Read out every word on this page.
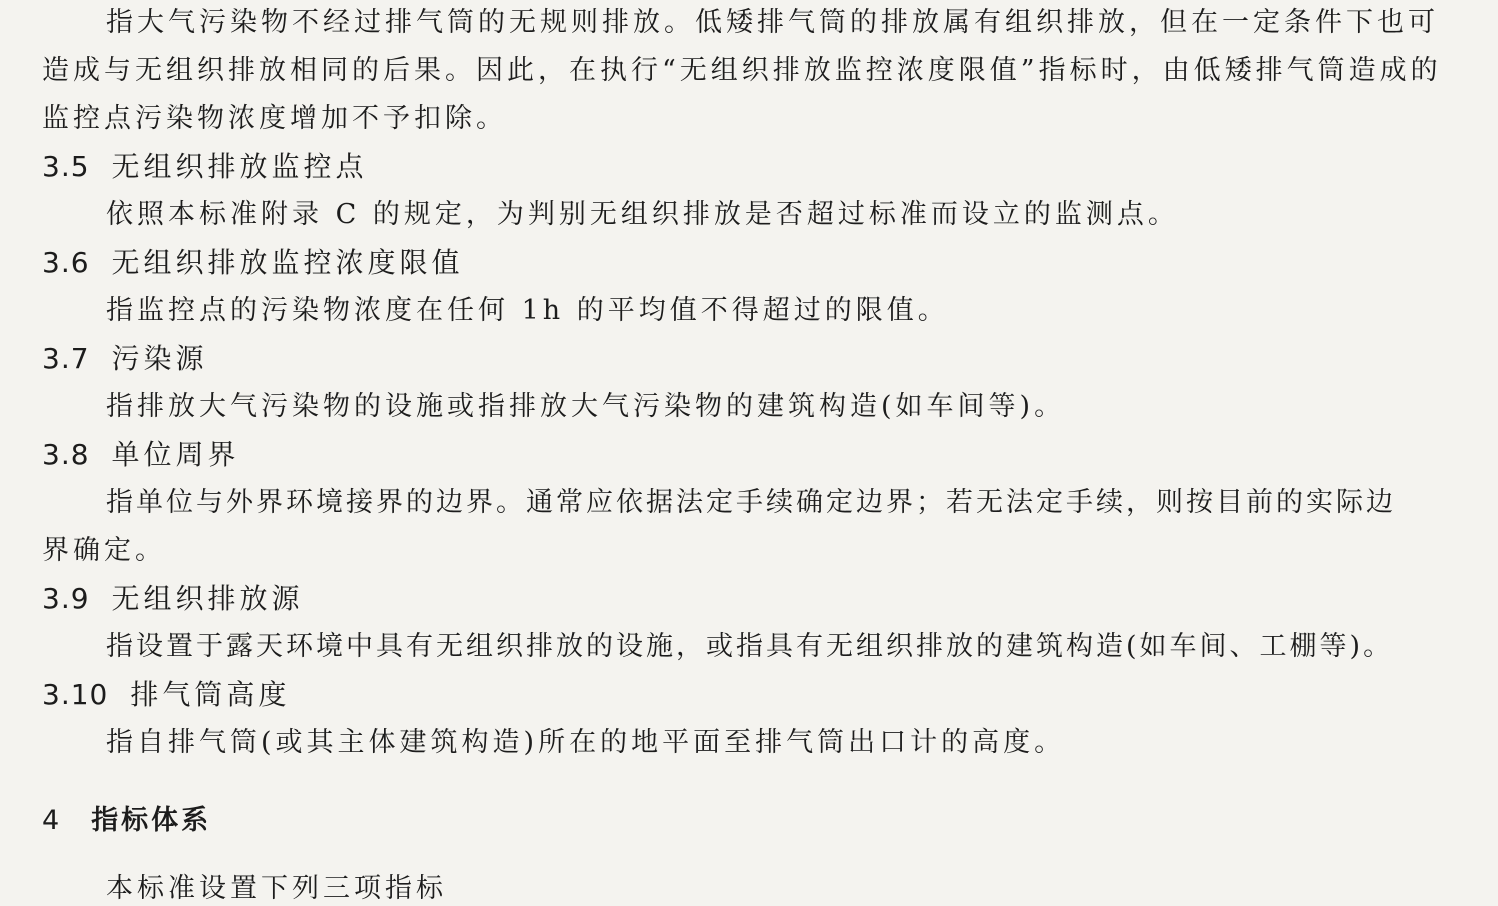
指大气污染物不经过排气筒的无规则排放。低矮排气筒的排放属有组织排放，但在一定条件下也可
造成与无组织排放相同的后果。因此，在执行“无组织排放监控浓度限值”指标时，由低矮排气筒造成的
监控点污染物浓度增加不予扣除。
3.5 无组织排放监控点
依照本标准附录 C 的规定，为判别无组织排放是否超过标准而设立的监测点。
3.6 无组织排放监控浓度限值
指监控点的污染物浓度在任何 1h 的平均值不得超过的限值。
3.7 污染源
指排放大气污染物的设施或指排放大气污染物的建筑构造(如车间等)。
3.8 单位周界
指单位与外界环境接界的边界。通常应依据法定手续确定边界；若无法定手续，则按目前的实际边
界确定。
3.9 无组织排放源
指设置于露天环境中具有无组织排放的设施，或指具有无组织排放的建筑构造(如车间、工棚等)。
3.10 排气筒高度
指自排气筒(或其主体建筑构造)所在的地平面至排气筒出口计的高度。
4 指标体系
本标准设置下列三项指标
